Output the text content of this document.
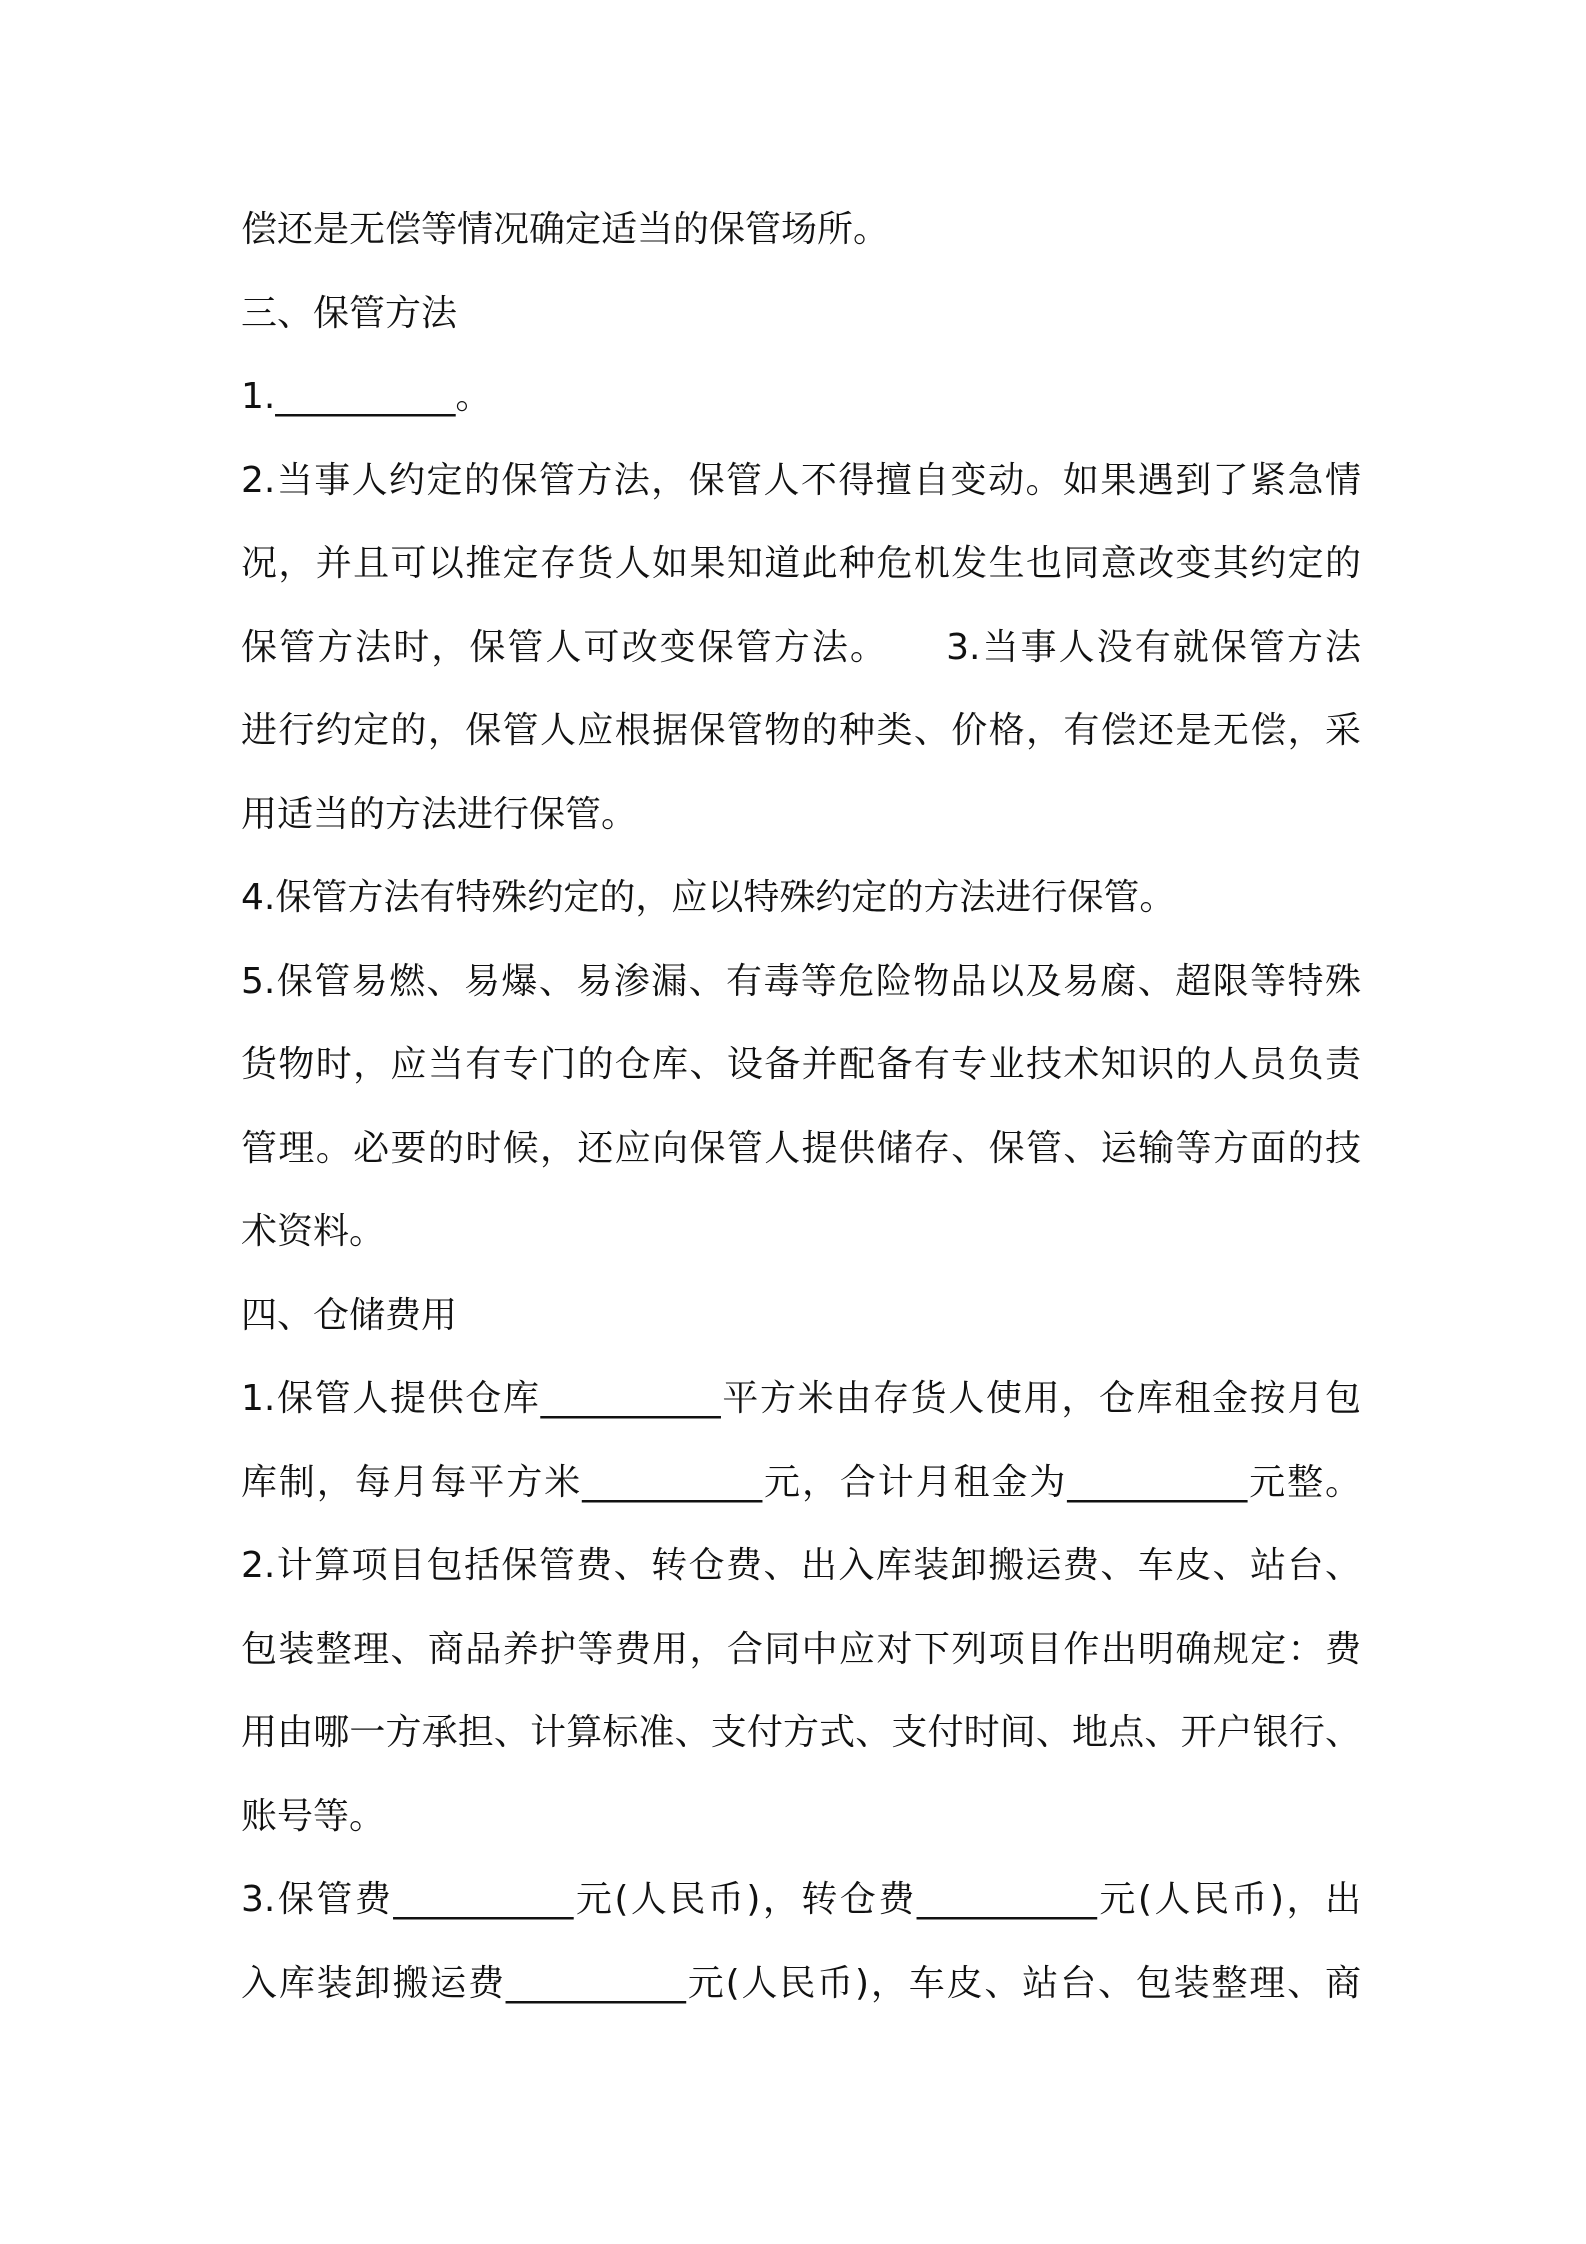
偿还是无偿等情况确定适当的保管场所。
三、保管方法
1.__________。
2.当事人约定的保管方法，保管人不得擅自变动。如果遇到了紧急情
况，并且可以推定存货人如果知道此种危机发生也同意改变其约定的
保管方法时，保管人可改变保管方法。　　3.当事人没有就保管方法
进行约定的，保管人应根据保管物的种类、价格，有偿还是无偿，采
用适当的方法进行保管。
4.保管方法有特殊约定的，应以特殊约定的方法进行保管。
5.保管易燃、易爆、易渗漏、有毒等危险物品以及易腐、超限等特殊
货物时，应当有专门的仓库、设备并配备有专业技术知识的人员负责
管理。必要的时候，还应向保管人提供储存、保管、运输等方面的技
术资料。
四、仓储费用
1.保管人提供仓库__________平方米由存货人使用，仓库租金按月包
库制，每月每平方米__________元，合计月租金为__________元整。
2.计算项目包括保管费、转仓费、出入库装卸搬运费、车皮、站台、
包装整理、商品养护等费用，合同中应对下列项目作出明确规定：费
用由哪一方承担、计算标准、支付方式、支付时间、地点、开户银行、
账号等。
3.保管费__________元(人民币)，转仓费__________元(人民币)，出
入库装卸搬运费__________元(人民币)，车皮、站台、包装整理、商
